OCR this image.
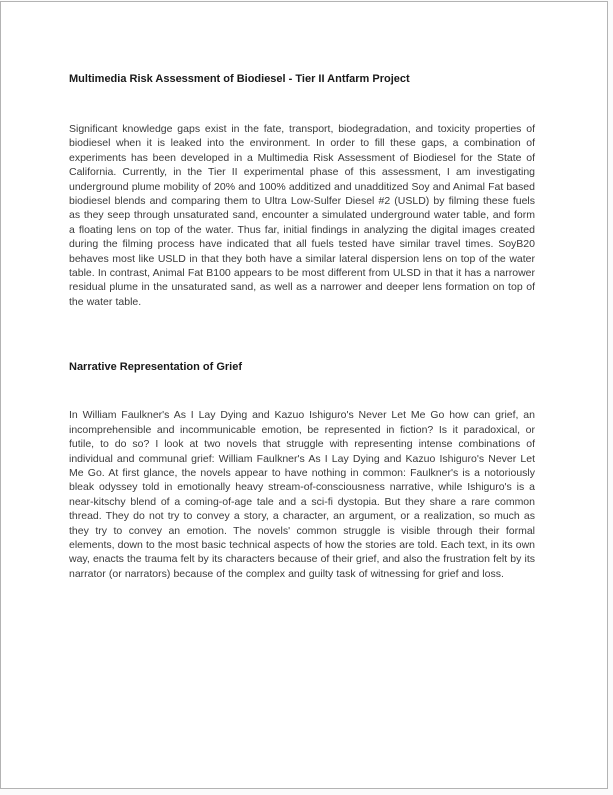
Multimedia Risk Assessment of Biodiesel - Tier II Antfarm Project

Significant knowledge gaps exist in the fate, transport, biodegradation, and toxicity properties of biodiesel when it is leaked into the environment. In order to fill these gaps, a combination of experiments has been developed in a Multimedia Risk Assessment of Biodiesel for the State of California. Currently, in the Tier II experimental phase of this assessment, I am investigating underground plume mobility of 20% and 100% additized and unadditized Soy and Animal Fat based biodiesel blends and comparing them to Ultra Low-Sulfer Diesel #2 (USLD) by filming these fuels as they seep through unsaturated sand, encounter a simulated underground water table, and form a floating lens on top of the water. Thus far, initial findings in analyzing the digital images created during the filming process have indicated that all fuels tested have similar travel times. SoyB20 behaves most like USLD in that they both have a similar lateral dispersion lens on top of the water table. In contrast, Animal Fat B100 appears to be most different from ULSD in that it has a narrower residual plume in the unsaturated sand, as well as a narrower and deeper lens formation on top of the water table.

Narrative Representation of Grief

In William Faulkner's As I Lay Dying and Kazuo Ishiguro's Never Let Me Go how can grief, an incomprehensible and incommunicable emotion, be represented in fiction? Is it paradoxical, or futile, to do so? I look at two novels that struggle with representing intense combinations of individual and communal grief: William Faulkner's As I Lay Dying and Kazuo Ishiguro's Never Let Me Go. At first glance, the novels appear to have nothing in common: Faulkner's is a notoriously bleak odyssey told in emotionally heavy stream-of-consciousness narrative, while Ishiguro's is a near-kitschy blend of a coming-of-age tale and a sci-fi dystopia. But they share a rare common thread. They do not try to convey a story, a character, an argument, or a realization, so much as they try to convey an emotion. The novels' common struggle is visible through their formal elements, down to the most basic technical aspects of how the stories are told. Each text, in its own way, enacts the trauma felt by its characters because of their grief, and also the frustration felt by its narrator (or narrators) because of the complex and guilty task of witnessing for grief and loss.
